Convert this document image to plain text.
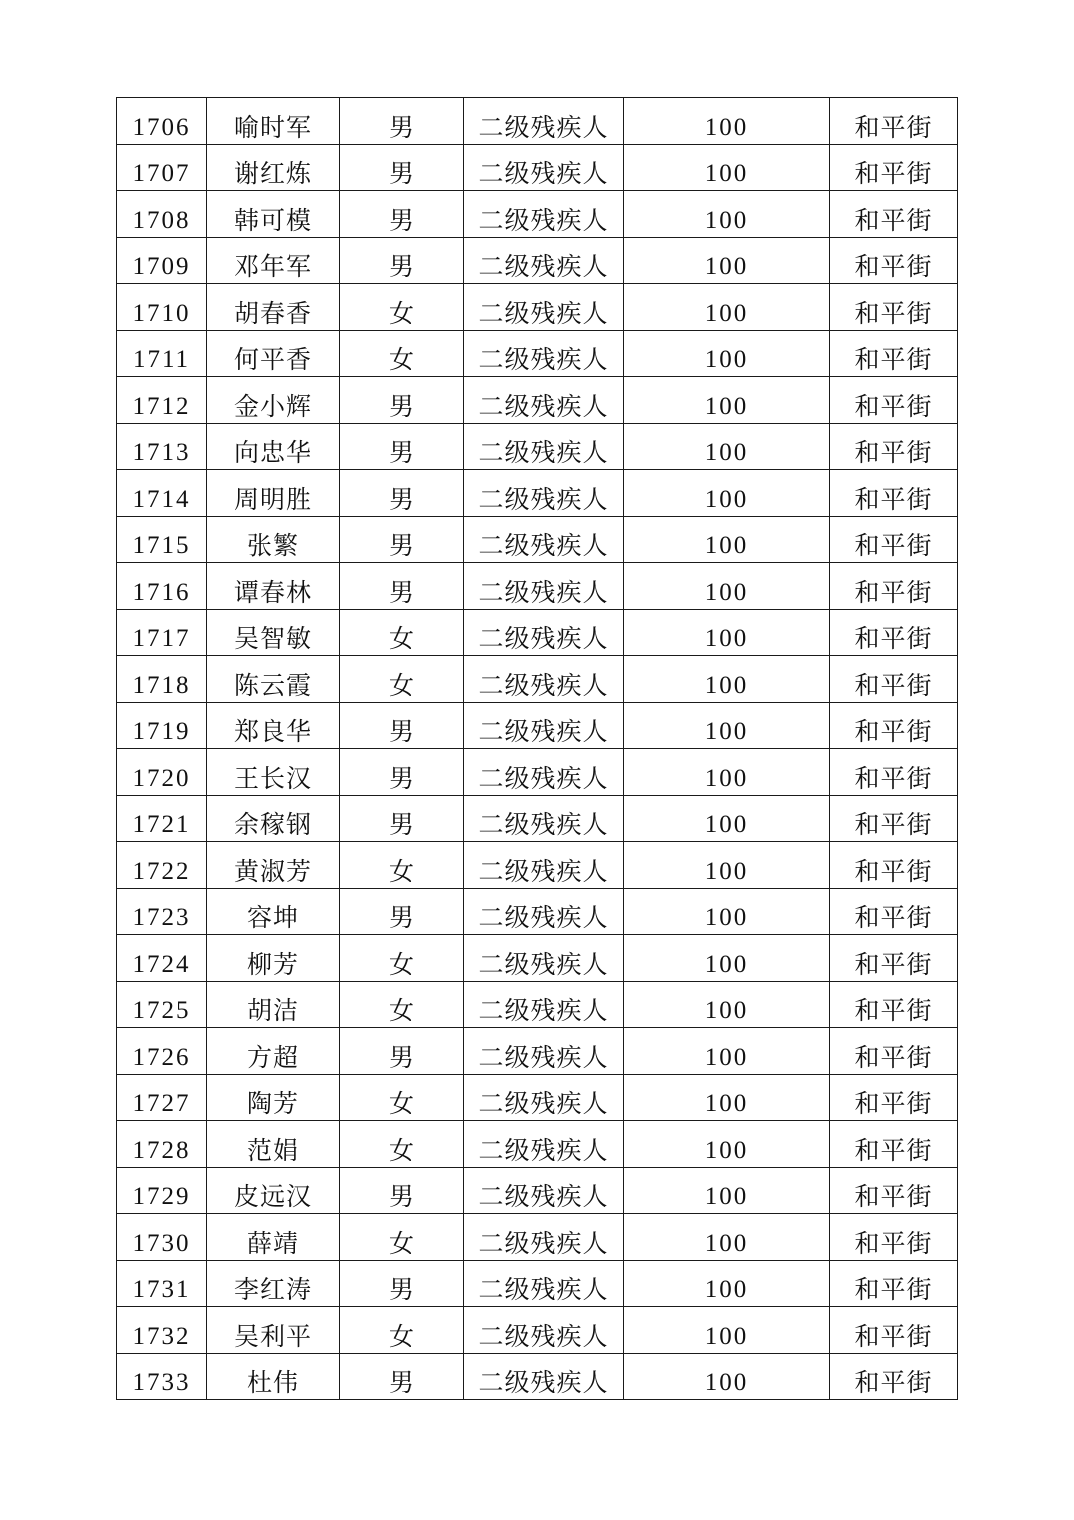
1706	喻时军	男	二级残疾人	100	和平街
1707	谢红炼	男	二级残疾人	100	和平街
1708	韩可模	男	二级残疾人	100	和平街
1709	邓年军	男	二级残疾人	100	和平街
1710	胡春香	女	二级残疾人	100	和平街
1711	何平香	女	二级残疾人	100	和平街
1712	金小辉	男	二级残疾人	100	和平街
1713	向忠华	男	二级残疾人	100	和平街
1714	周明胜	男	二级残疾人	100	和平街
1715	张繁	男	二级残疾人	100	和平街
1716	谭春林	男	二级残疾人	100	和平街
1717	吴智敏	女	二级残疾人	100	和平街
1718	陈云霞	女	二级残疾人	100	和平街
1719	郑良华	男	二级残疾人	100	和平街
1720	王长汉	男	二级残疾人	100	和平街
1721	余稼钢	男	二级残疾人	100	和平街
1722	黄淑芳	女	二级残疾人	100	和平街
1723	容坤	男	二级残疾人	100	和平街
1724	柳芳	女	二级残疾人	100	和平街
1725	胡洁	女	二级残疾人	100	和平街
1726	方超	男	二级残疾人	100	和平街
1727	陶芳	女	二级残疾人	100	和平街
1728	范娟	女	二级残疾人	100	和平街
1729	皮远汉	男	二级残疾人	100	和平街
1730	薛靖	女	二级残疾人	100	和平街
1731	李红涛	男	二级残疾人	100	和平街
1732	吴利平	女	二级残疾人	100	和平街
1733	杜伟	男	二级残疾人	100	和平街
